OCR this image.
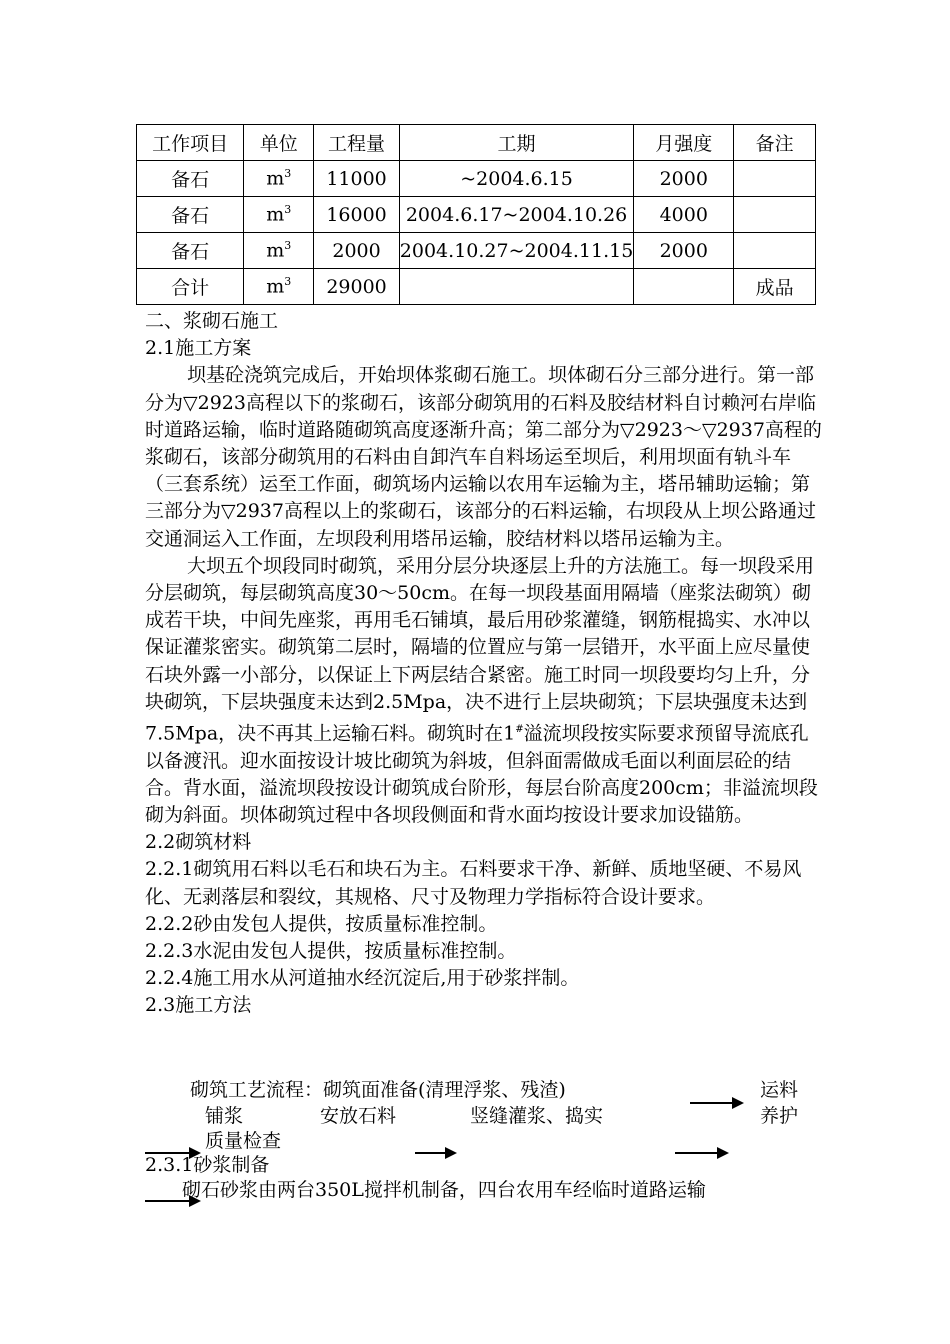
工作项目	单位	工程量	工期	月强度	备注
备石	$m^3$	11000	~2004.6.15	2000	
备石	$m^3$	16000	2004.6.17~2004.10.26	4000	
备石	$m^3$	2000	2004.10.27~2004.11.15	2000	
合计	$m^3$	29000			成品

二、浆砌石施工

2.1施工方案

坝基砼浇筑完成后，开始坝体浆砌石施工。坝体砌石分三部分进行。第一部分为▽2923高程以下的浆砌石，该部分砌筑用的石料及胶结材料自讨赖河右岸临时道路运输，临时道路随砌筑高度逐渐升高；第二部分为▽2923～▽2937高程的浆砌石，该部分砌筑用的石料由自卸汽车自料场运至坝后，利用坝面有轨斗车（三套系统）运至工作面，砌筑场内运输以农用车运输为主，塔吊辅助运输；第三部分为▽2937高程以上的浆砌石，该部分的石料运输，右坝段从上坝公路通过交通洞运入工作面，左坝段利用塔吊运输，胶结材料以塔吊运输为主。

大坝五个坝段同时砌筑，采用分层分块逐层上升的方法施工。每一坝段采用分层砌筑，每层砌筑高度30～50cm。在每一坝段基面用隔墙（座浆法砌筑）砌成若干块，中间先座浆，再用毛石铺填，最后用砂浆灌缝，钢筋棍捣实、水冲以保证灌浆密实。砌筑第二层时，隔墙的位置应与第一层错开，水平面上应尽量使石块外露一小部分，以保证上下两层结合紧密。施工时同一坝段要均匀上升，分块砌筑，下层块强度未达到2.5Mpa，决不进行上层块砌筑；下层块强度未达到7.5Mpa，决不再其上运输石料。砌筑时在1#溢流坝段按实际要求预留导流底孔以备渡汛。迎水面按设计坡比砌筑为斜坡，但斜面需做成毛面以利面层砼的结合。背水面，溢流坝段按设计砌筑成台阶形，每层台阶高度200cm；非溢流坝段砌为斜面。坝体砌筑过程中各坝段侧面和背水面均按设计要求加设锚筋。

2.2砌筑材料

2.2.1砌筑用石料以毛石和块石为主。石料要求干净、新鲜、质地坚硬、不易风化、无剥落层和裂纹，其规格、尺寸及物理力学指标符合设计要求。

2.2.2砂由发包人提供，按质量标准控制。

2.2.3水泥由发包人提供，按质量标准控制。

2.2.4施工用水从河道抽水经沉淀后,用于砂浆拌制。

2.3施工方法

砌筑工艺流程：砌筑面准备(清理浮浆、残渣)	运料
铺浆	安放石料	竖缝灌浆、捣实	养护
质量检查
2.3.1砂浆制备
砌石砂浆由两台350L搅拌机制备，四台农用车经临时道路运输
